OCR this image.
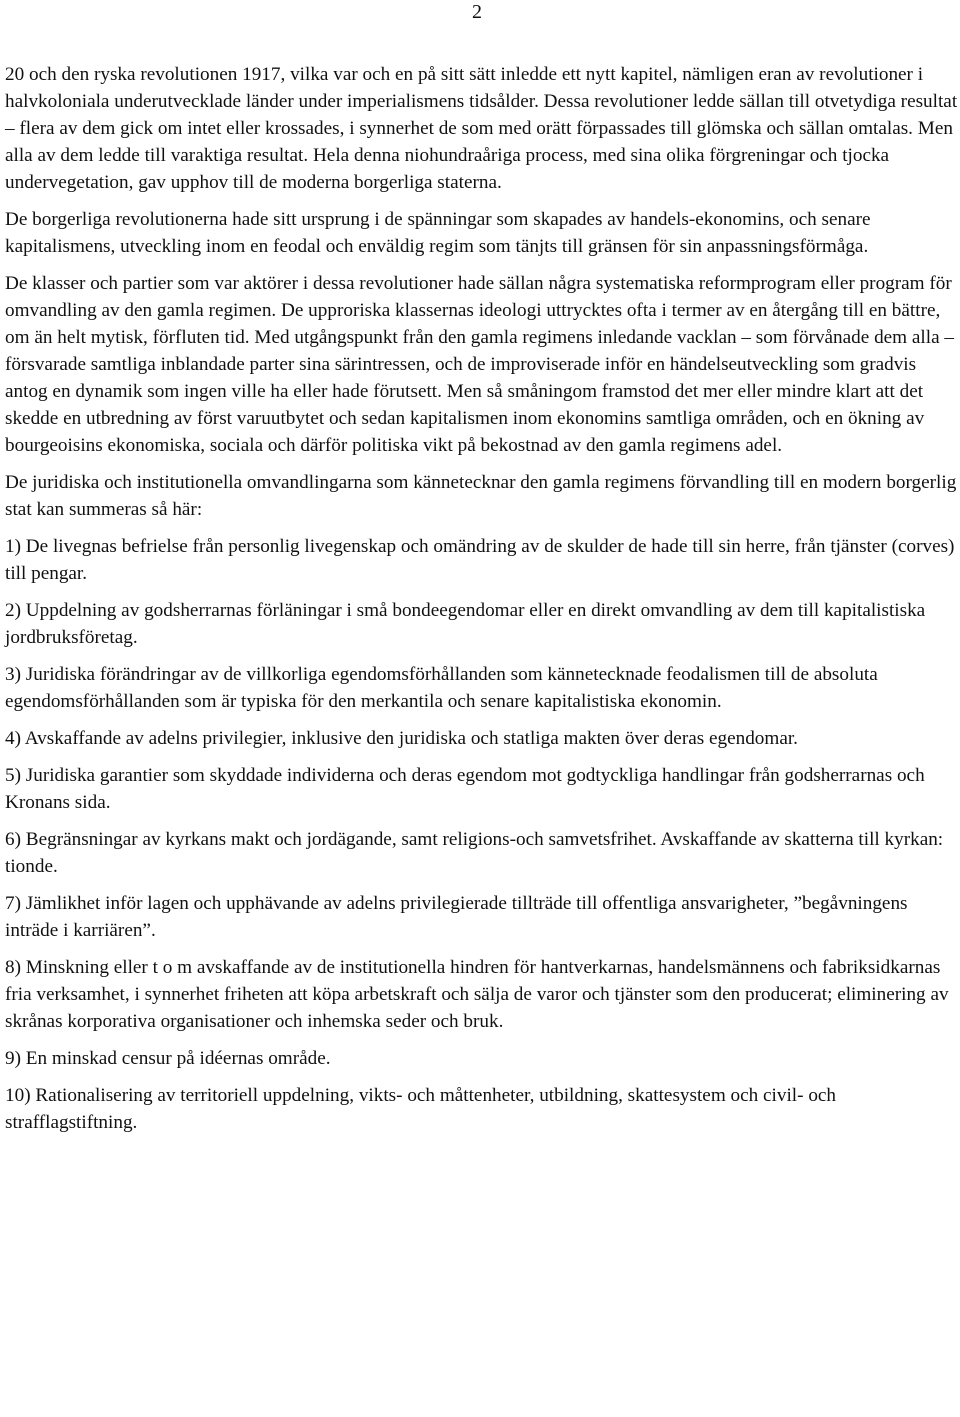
2

20 och den ryska revolutionen 1917, vilka var och en på sitt sätt inledde ett nytt kapitel, nämligen eran av revolutioner i halvkoloniala underutvecklade länder under imperialismens tidsålder. Dessa revolutioner ledde sällan till otvetydiga resultat – flera av dem gick om intet eller krossades, i synnerhet de som med orätt förpassades till glömska och sällan omtalas. Men alla av dem ledde till varaktiga resultat. Hela denna niohundraåriga process, med sina olika förgreningar och tjocka undervegetation, gav upphov till de moderna borgerliga staterna.

De borgerliga revolutionerna hade sitt ursprung i de spänningar som skapades av handels-ekonomins, och senare kapitalismens, utveckling inom en feodal och enväldig regim som tänjts till gränsen för sin anpassningsförmåga.

De klasser och partier som var aktörer i dessa revolutioner hade sällan några systematiska reformprogram eller program för omvandling av den gamla regimen. De upproriska klassernas ideologi uttrycktes ofta i termer av en återgång till en bättre, om än helt mytisk, förfluten tid. Med utgångspunkt från den gamla regimens inledande vacklan – som förvånade dem alla – försvarade samtliga inblandade parter sina särintressen, och de improviserade inför en händelseutveckling som gradvis antog en dynamik som ingen ville ha eller hade förutsett. Men så småningom framstod det mer eller mindre klart att det skedde en utbredning av först varuutbytet och sedan kapitalismen inom ekonomins samtliga områden, och en ökning av bourgeoisins ekonomiska, sociala och därför politiska vikt på bekostnad av den gamla regimens adel.

De juridiska och institutionella omvandlingarna som kännetecknar den gamla regimens förvandling till en modern borgerlig stat kan summeras så här:

1) De livegnas befrielse från personlig livegenskap och omändring av de skulder de hade till sin herre, från tjänster (corves) till pengar.

2) Uppdelning av godsherrarnas förläningar i små bondeegendomar eller en direkt omvandling av dem till kapitalistiska jordbruksföretag.

3) Juridiska förändringar av de villkorliga egendomsförhållanden som kännetecknade feodalismen till de absoluta egendomsförhållanden som är typiska för den merkantila och senare kapitalistiska ekonomin.

4) Avskaffande av adelns privilegier, inklusive den juridiska och statliga makten över deras egendomar.

5) Juridiska garantier som skyddade individerna och deras egendom mot godtyckliga handlingar från godsherrarnas och Kronans sida.

6) Begränsningar av kyrkans makt och jordägande, samt religions-och samvetsfrihet. Avskaffande av skatterna till kyrkan: tionde.

7) Jämlikhet inför lagen och upphävande av adelns privilegierade tillträde till offentliga ansvarigheter, ”begåvningens inträde i karriären”.

8) Minskning eller t o m avskaffande av de institutionella hindren för hantverkarnas, handelsmännens och fabriksidkarnas fria verksamhet, i synnerhet friheten att köpa arbetskraft och sälja de varor och tjänster som den producerat; eliminering av skrånas korporativa organisationer och inhemska seder och bruk.

9) En minskad censur på idéernas område.

10) Rationalisering av territoriell uppdelning, vikts- och måttenheter, utbildning, skattesystem och civil- och strafflagstiftning.
